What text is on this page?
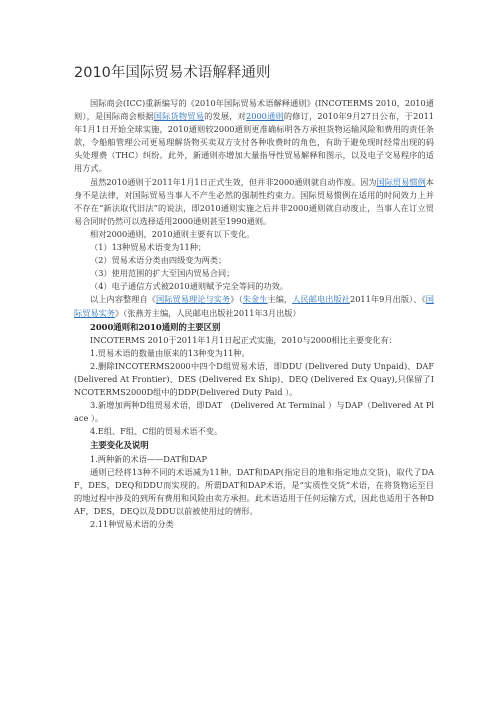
2010年国际贸易术语解释通则

国际商会(ICC)重新编写的《2010年国际贸易术语解释通则》(INCOTERMS 2010，2010通则），是国际商会根据国际货物贸易的发展，对2000通则的修订，2010年9月27日公布，于2011年1月1日开始全球实施，2010通则较2000通则更准确标明各方承担货物运输风险和费用的责任条款，令船舶管理公司更易理解货物买卖双方支付各种收费时的角色，有助于避免现时经常出现的码头处理费（THC）纠纷。此外，新通则亦增加大量指导性贸易解释和图示，以及电子交易程序的适用方式。

虽然2010通则于2011年1月1日正式生效，但并非2000通则就自动作废。因为国际贸易惯例本身不是法律，对国际贸易当事人不产生必然的强制性约束力。国际贸易惯例在适用的时间效力上并不存在“新法取代旧法”的说法，即2010通则实施之后并非2000通则就自动废止，当事人在订立贸易合同时仍然可以选择适用2000通则甚至1990通则。

相对2000通则，2010通则主要有以下变化。

（1）13种贸易术语变为11种；

（2）贸易术语分类由四级变为两类；

（3）使用范围的扩大至国内贸易合同；

（4）电子通信方式被2010通则赋予完全等同的功效。

以上内容整理自《国际贸易理论与实务》（朱金生主编，人民邮电出版社2011年9月出版）、《国际贸易实务》（张燕芳主编，人民邮电出版社2011年3月出版）

2000通则和2010通则的主要区别

INCOTERMS 2010于2011年1月1日起正式实施，2010与2000相比主要变化有：

1.贸易术语的数量由原来的13种变为11种。

2.删除INCOTERMS2000中四个D组贸易术语，即DDU (Delivered Duty Unpaid)、DAF (Delivered At Frontier)、DES (Delivered Ex Ship)、DEQ (Delivered Ex Quay),只保留了INCOTERMS2000D组中的DDP(Delivered Duty Paid ）。

3.新增加两种D组贸易术语，即DAT　(Delivered At Terminal ）与DAP（Delivered At Place ）。

4.E组、F组、C组的贸易术语不变。

主要变化及说明

1.两种新的术语——DAT和DAP

通则已经将13种不同的术语减为11种。DAT和DAP(指定目的地和指定地点交货)，取代了DAF，DES，DEQ和DDU而实现的。所谓DAT和DAP术语，是“实质性交货”术语，在将货物运至目的地过程中涉及的到所有费用和风险由卖方承担。此术语适用于任何运输方式，因此也适用于各种DAF，DES，DEQ以及DDU以前被使用过的情形。

2.11种贸易术语的分类
